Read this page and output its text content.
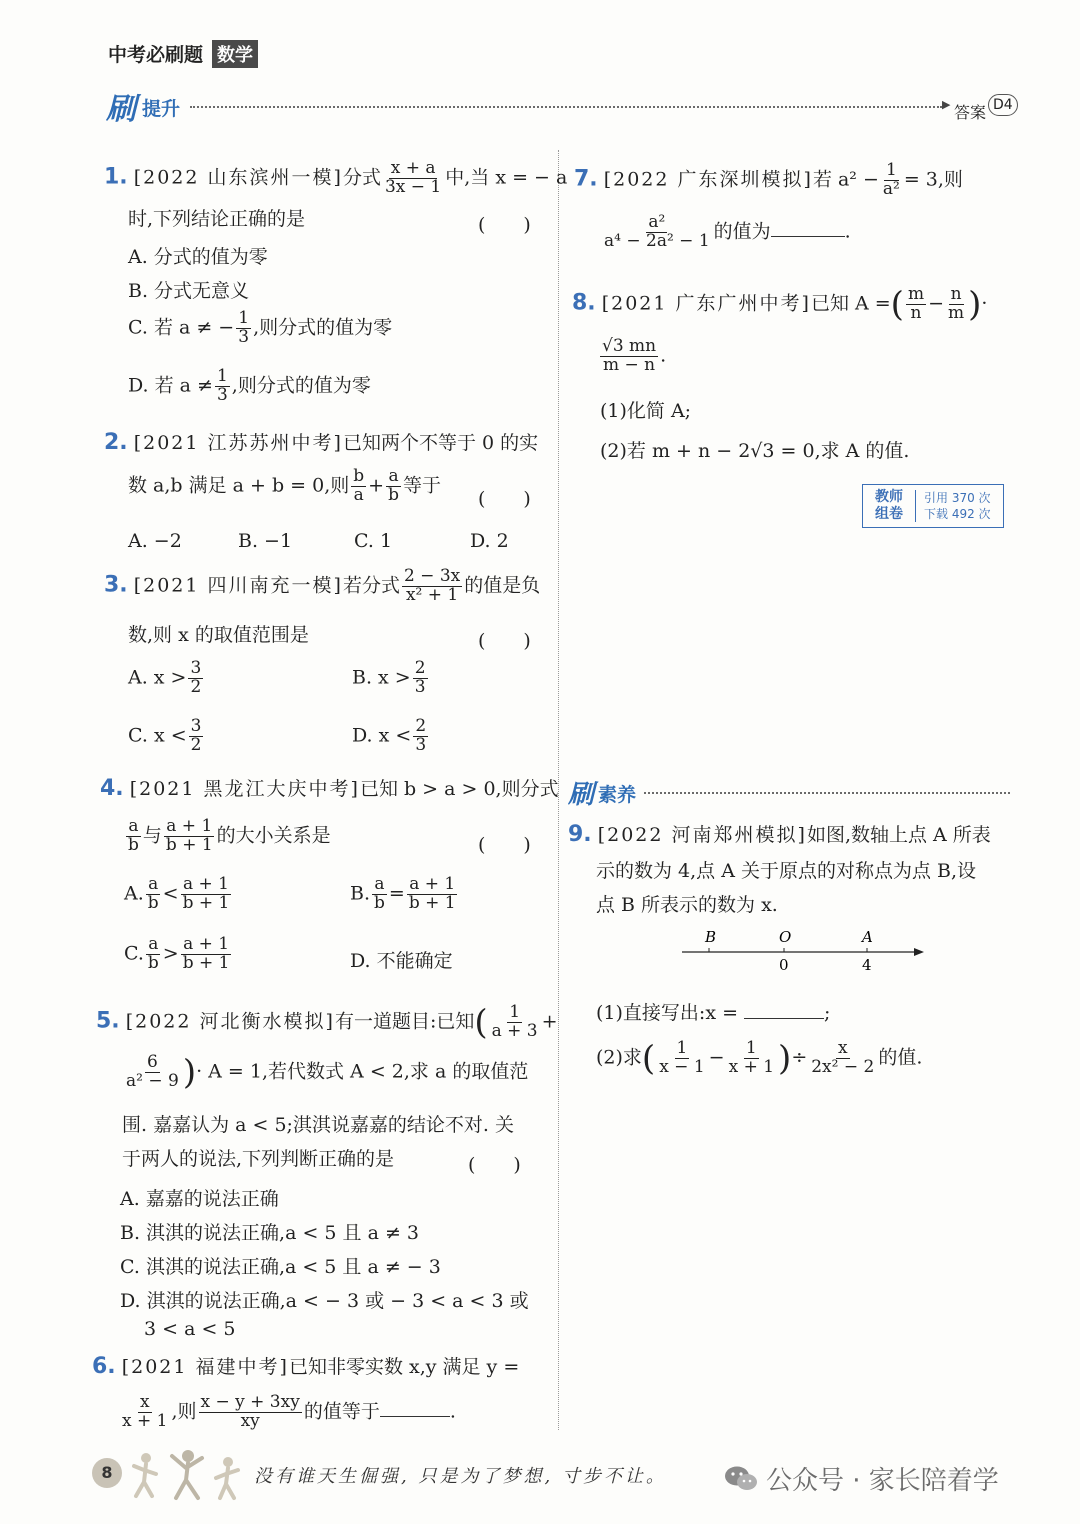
中考必刷题 数学
刷 提升	▶ 答案 D4
1. [2022 山东滨州一模]分式 $\frac{x + a}{3x - 1}$ 中,当 x = − a
时,下列结论正确的是	(　　)
A. 分式的值为零
B. 分式无意义
C. 若 a ≠ − $\frac{1}{3}$ ,则分式的值为零
D. 若 $a \ne \frac{1}{3}$ ,则分式的值为零
2. [2021 江苏苏州中考]已知两个不等于 0 的实
数 a,b 满足 a + b = 0,则 $\frac{b}{a} + \frac{a}{b}$ 等于
(　　)
A. −2	B. −1	C. 1	D. 2
3. [2021 四川南充一模]若分式 $\frac{2 - 3x}{\text{x² + 1}}$ 的值是负
数,则 x 的取值范围是	(　　)
A. $x > \frac{3}{2}$	B. $x > \frac{2}{3}$
C. $x < \frac{3}{2}$	D. $x < \frac{2}{3}$
4. [2021 黑龙江大庆中考]已知 b > a > 0,则分式
$\frac{a}{b}$ 与 $\frac{a + 1}{b + 1}$ 的大小关系是	(　　)
A. $\frac{a}{b} < \frac{a + 1}{b + 1}$	B. $\frac{a}{b} = \frac{a + 1}{b + 1}$
C. $\frac{a}{b} > \frac{a + 1}{b + 1}$	D. 不能确定
5. [2022 河北衡水模拟]有一道题目:已知( $\frac{1}{a + 3}$ +
$\frac{6}{\text{a² − 9}}$ )· A = 1,若代数式 A < 2,求 a 的取值范
围. 嘉嘉认为 a < 5;淇淇说嘉嘉的结论不对. 关
于两人的说法,下列判断正确的是	(　　)
A. 嘉嘉的说法正确
B. 淇淇的说法正确,a < 5 且 a ≠ 3
C. 淇淇的说法正确,a < 5 且 a ≠ − 3
D. 淇淇的说法正确,a < − 3 或 − 3 < a < 3 或
3 < a < 5
6. [2021 福建中考]已知非零实数 x,y 满足 y =
$\frac{x}{x + 1}$ ,则 $\frac{x - y + 3xy}{xy}$ 的值等于	.
7. [2022 广东深圳模拟]若 $a^2 - \frac{1}{\text{a²}} = 3$,则
$\frac{\text{a²}}{\text{a⁴ − 2a² − 1}}$ 的值为	.
8. [2021 广东广州中考]已知 A =( $\frac{m}{n} - \frac{n}{m}$ )·
$\frac{√3 mn}{m - n}$ .
(1)化简 A;
(2)若 m + n − 2√3 = 0,求 A 的值.
教师
组卷
引用 370 次
下载 492 次
刷 素养
9. [2022 河南郑州模拟]如图,数轴上点 A 所表
示的数为 4,点 A 关于原点的对称点为点 B,设
点 B 所表示的数为 x.
B	O	A
0	4
(1)直接写出:x =	;
(2)求( $\frac{1}{x - 1} - \frac{1}{x + 1}$ )÷ $\frac{x}{\text{2x² − 2}}$ 的值.
8	没有谁天生倔强, 只是为了梦想, 寸步不让。	公众号 · 家长陪着学
